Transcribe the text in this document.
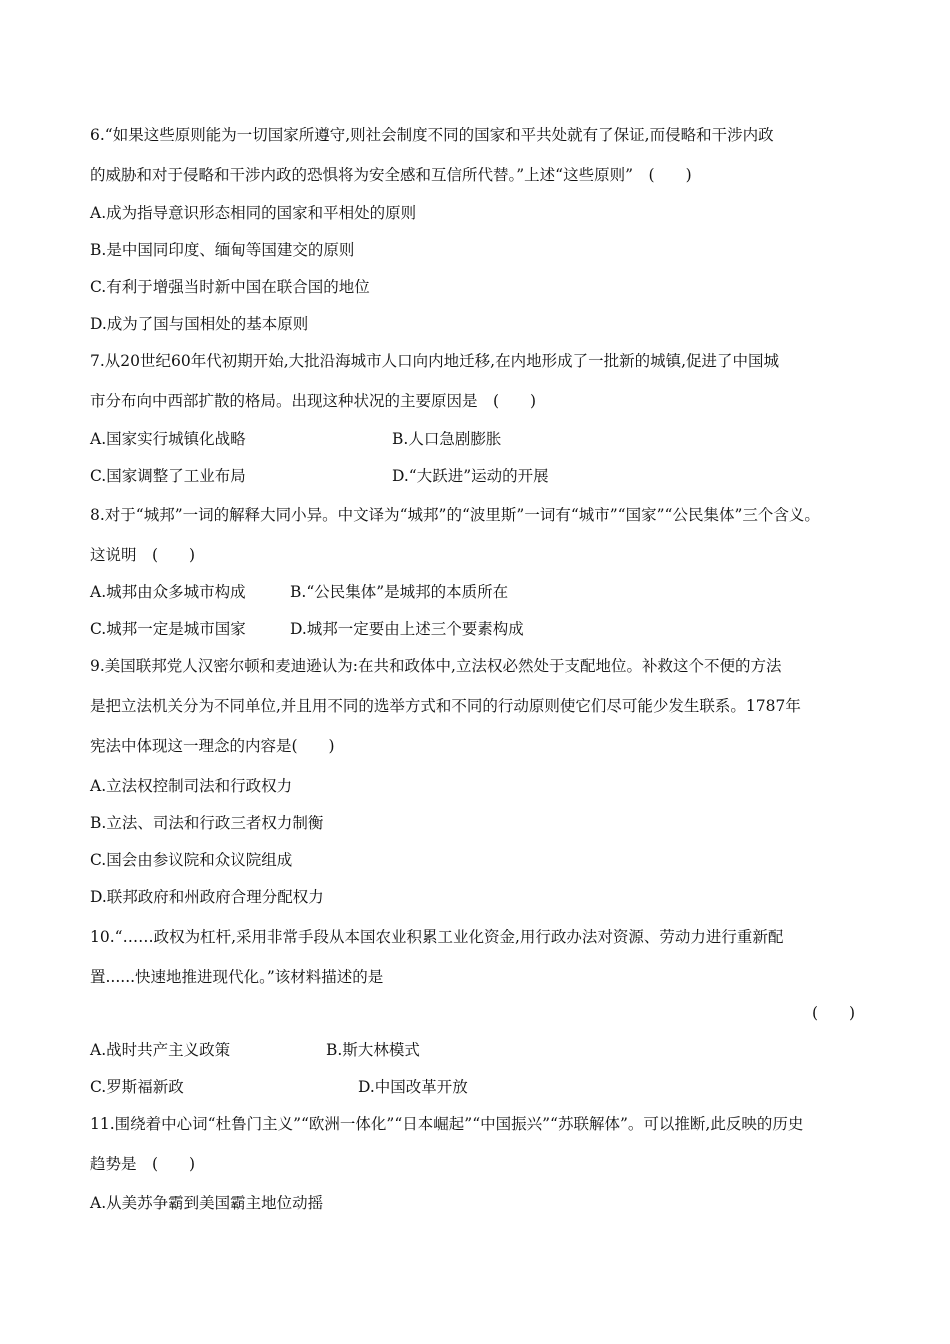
6.“如果这些原则能为一切国家所遵守,则社会制度不同的国家和平共处就有了保证,而侵略和干涉内政
的威胁和对于侵略和干涉内政的恐惧将为安全感和互信所代替。”上述“这些原则”　(　　)
A.成为指导意识形态相同的国家和平相处的原则
B.是中国同印度、缅甸等国建交的原则
C.有利于增强当时新中国在联合国的地位
D.成为了国与国相处的基本原则
7.从20世纪60年代初期开始,大批沿海城市人口向内地迁移,在内地形成了一批新的城镇,促进了中国城
市分布向中西部扩散的格局。出现这种状况的主要原因是　(　　)
A.国家实行城镇化战略	B.人口急剧膨胀
C.国家调整了工业布局	D.“大跃进”运动的开展
8.对于“城邦”一词的解释大同小异。中文译为“城邦”的“波里斯”一词有“城市”“国家”“公民集体”三个含义。
这说明　(　　)
A.城邦由众多城市构成	B.“公民集体”是城邦的本质所在
C.城邦一定是城市国家	D.城邦一定要由上述三个要素构成
9.美国联邦党人汉密尔顿和麦迪逊认为:在共和政体中,立法权必然处于支配地位。补救这个不便的方法
是把立法机关分为不同单位,并且用不同的选举方式和不同的行动原则使它们尽可能少发生联系。1787年
宪法中体现这一理念的内容是(　　)
A.立法权控制司法和行政权力
B.立法、司法和行政三者权力制衡
C.国会由参议院和众议院组成
D.联邦政府和州政府合理分配权力
10.“……政权为杠杆,采用非常手段从本国农业积累工业化资金,用行政办法对资源、劳动力进行重新配
置......快速地推进现代化。”该材料描述的是
(　　)
A.战时共产主义政策	B.斯大林模式
C.罗斯福新政	D.中国改革开放
11.围绕着中心词“杜鲁门主义”“欧洲一体化”“日本崛起”“中国振兴”“苏联解体”。可以推断,此反映的历史
趋势是　(　　)
A.从美苏争霸到美国霸主地位动摇
